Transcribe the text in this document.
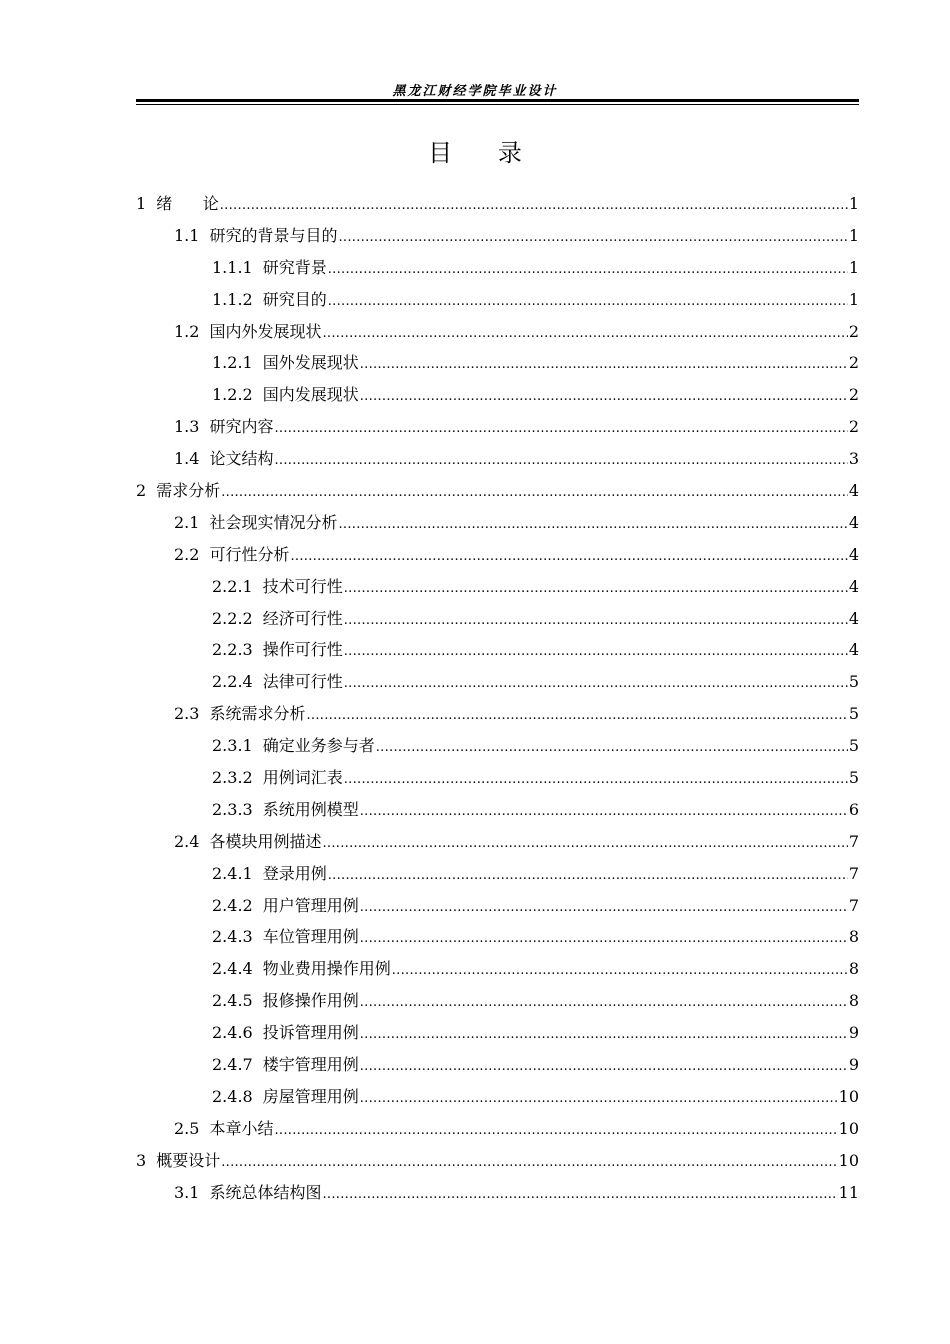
黑龙江财经学院毕业设计
目      录
1 绪      论 .....	1
1.1 研究的背景与目的 .....	1
1.1.1 研究背景 .....	1
1.1.2 研究目的 .....	1
1.2 国内外发展现状 .....	2
1.2.1 国外发展现状 .....	2
1.2.2 国内发展现状 .....	2
1.3 研究内容 .....	2
1.4 论文结构 .....	3
2 需求分析 .....	4
2.1 社会现实情况分析 .....	4
2.2 可行性分析 .....	4
2.2.1 技术可行性 .....	4
2.2.2 经济可行性 .....	4
2.2.3 操作可行性 .....	4
2.2.4 法律可行性 .....	5
2.3 系统需求分析 .....	5
2.3.1 确定业务参与者 .....	5
2.3.2 用例词汇表 .....	5
2.3.3 系统用例模型 .....	6
2.4 各模块用例描述 .....	7
2.4.1 登录用例 .....	7
2.4.2 用户管理用例 .....	7
2.4.3 车位管理用例 .....	8
2.4.4 物业费用操作用例 .....	8
2.4.5 报修操作用例 .....	8
2.4.6 投诉管理用例 .....	9
2.4.7 楼宇管理用例 .....	9
2.4.8 房屋管理用例 .....	10
2.5 本章小结 .....	10
3 概要设计 .....	10
3.1 系统总体结构图 .....	11
